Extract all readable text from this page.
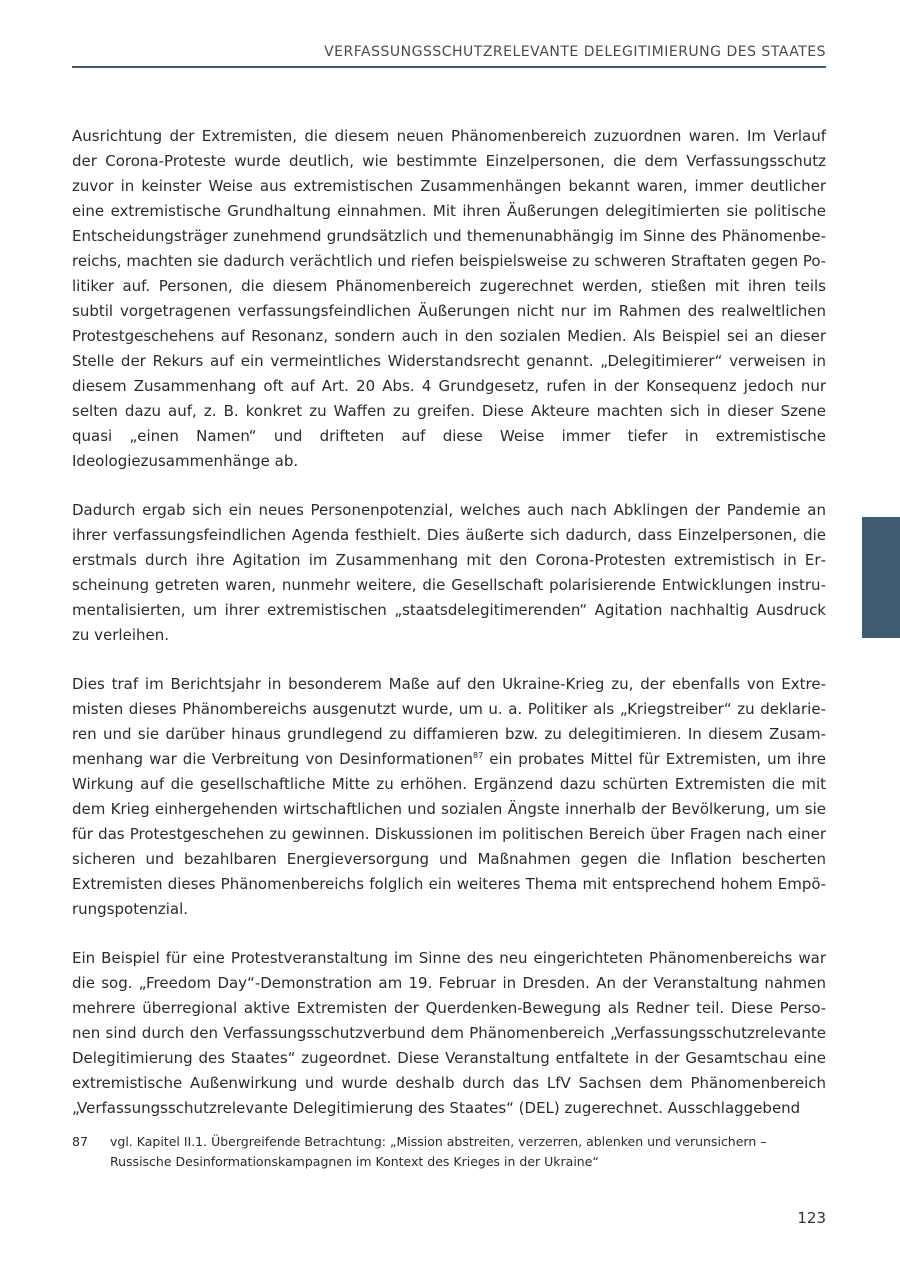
VERFASSUNGSSCHUTZRELEVANTE DELEGITIMIERUNG DES STAATES

Ausrichtung der Extremisten, die diesem neuen Phänomenbereich zuzuordnen waren. Im Verlauf der Corona-Proteste wurde deutlich, wie bestimmte Einzelpersonen, die dem Verfassungsschutz zuvor in keinster Weise aus extremistischen Zusammenhängen bekannt waren, immer deutlicher eine extremistische Grundhaltung einnahmen. Mit ihren Äußerungen delegitimierten sie politische Entscheidungsträger zunehmend grundsätzlich und themenunabhängig im Sinne des Phänomenbereichs, machten sie dadurch verächtlich und riefen beispielsweise zu schweren Straftaten gegen Politiker auf. Personen, die diesem Phänomenbereich zugerechnet werden, stießen mit ihren teils subtil vorgetragenen verfassungsfeindlichen Äußerungen nicht nur im Rahmen des realweltlichen Protestgeschehens auf Resonanz, sondern auch in den sozialen Medien. Als Beispiel sei an dieser Stelle der Rekurs auf ein vermeintliches Widerstandsrecht genannt. „Delegitimierer“ verweisen in diesem Zusammenhang oft auf Art. 20 Abs. 4 Grundgesetz, rufen in der Konsequenz jedoch nur selten dazu auf, z. B. konkret zu Waffen zu greifen. Diese Akteure machten sich in dieser Szene quasi „einen Namen“ und drifteten auf diese Weise immer tiefer in extremistische Ideologiezusammenhänge ab.

Dadurch ergab sich ein neues Personenpotenzial, welches auch nach Abklingen der Pandemie an ihrer verfassungsfeindlichen Agenda festhielt. Dies äußerte sich dadurch, dass Einzelpersonen, die erstmals durch ihre Agitation im Zusammenhang mit den Corona-Protesten extremistisch in Erscheinung getreten waren, nunmehr weitere, die Gesellschaft polarisierende Entwicklungen instrumentalisierten, um ihrer extremistischen „staatsdelegitimerenden“ Agitation nachhaltig Ausdruck zu verleihen.

Dies traf im Berichtsjahr in besonderem Maße auf den Ukraine-Krieg zu, der ebenfalls von Extremisten dieses Phänombereichs ausgenutzt wurde, um u. a. Politiker als „Kriegstreiber“ zu deklarieren und sie darüber hinaus grundlegend zu diffamieren bzw. zu delegitimieren. In diesem Zusammenhang war die Verbreitung von Desinformationen$^{87}$ ein probates Mittel für Extremisten, um ihre Wirkung auf die gesellschaftliche Mitte zu erhöhen. Ergänzend dazu schürten Extremisten die mit dem Krieg einhergehenden wirtschaftlichen und sozialen Ängste innerhalb der Bevölkerung, um sie für das Protestgeschehen zu gewinnen. Diskussionen im politischen Bereich über Fragen nach einer sicheren und bezahlbaren Energieversorgung und Maßnahmen gegen die Inflation bescherten Extremisten dieses Phänomenbereichs folglich ein weiteres Thema mit entsprechend hohem Empörungspotenzial.

Ein Beispiel für eine Protestveranstaltung im Sinne des neu eingerichteten Phänomenbereichs war die sog. „Freedom Day“-Demonstration am 19. Februar in Dresden. An der Veranstaltung nahmen mehrere überregional aktive Extremisten der Querdenken-Bewegung als Redner teil. Diese Personen sind durch den Verfassungsschutzverbund dem Phänomenbereich „Verfassungsschutzrelevante Delegitimierung des Staates“ zugeordnet. Diese Veranstaltung entfaltete in der Gesamtschau eine extremistische Außenwirkung und wurde deshalb durch das LfV Sachsen dem Phänomenbereich „Verfassungsschutzrelevante Delegitimierung des Staates“ (DEL) zugerechnet. Ausschlaggebend

87	vgl. Kapitel II.1. Übergreifende Betrachtung: „Mission abstreiten, verzerren, ablenken und verunsichern – Russische Desinformationskampagnen im Kontext des Krieges in der Ukraine“
123
